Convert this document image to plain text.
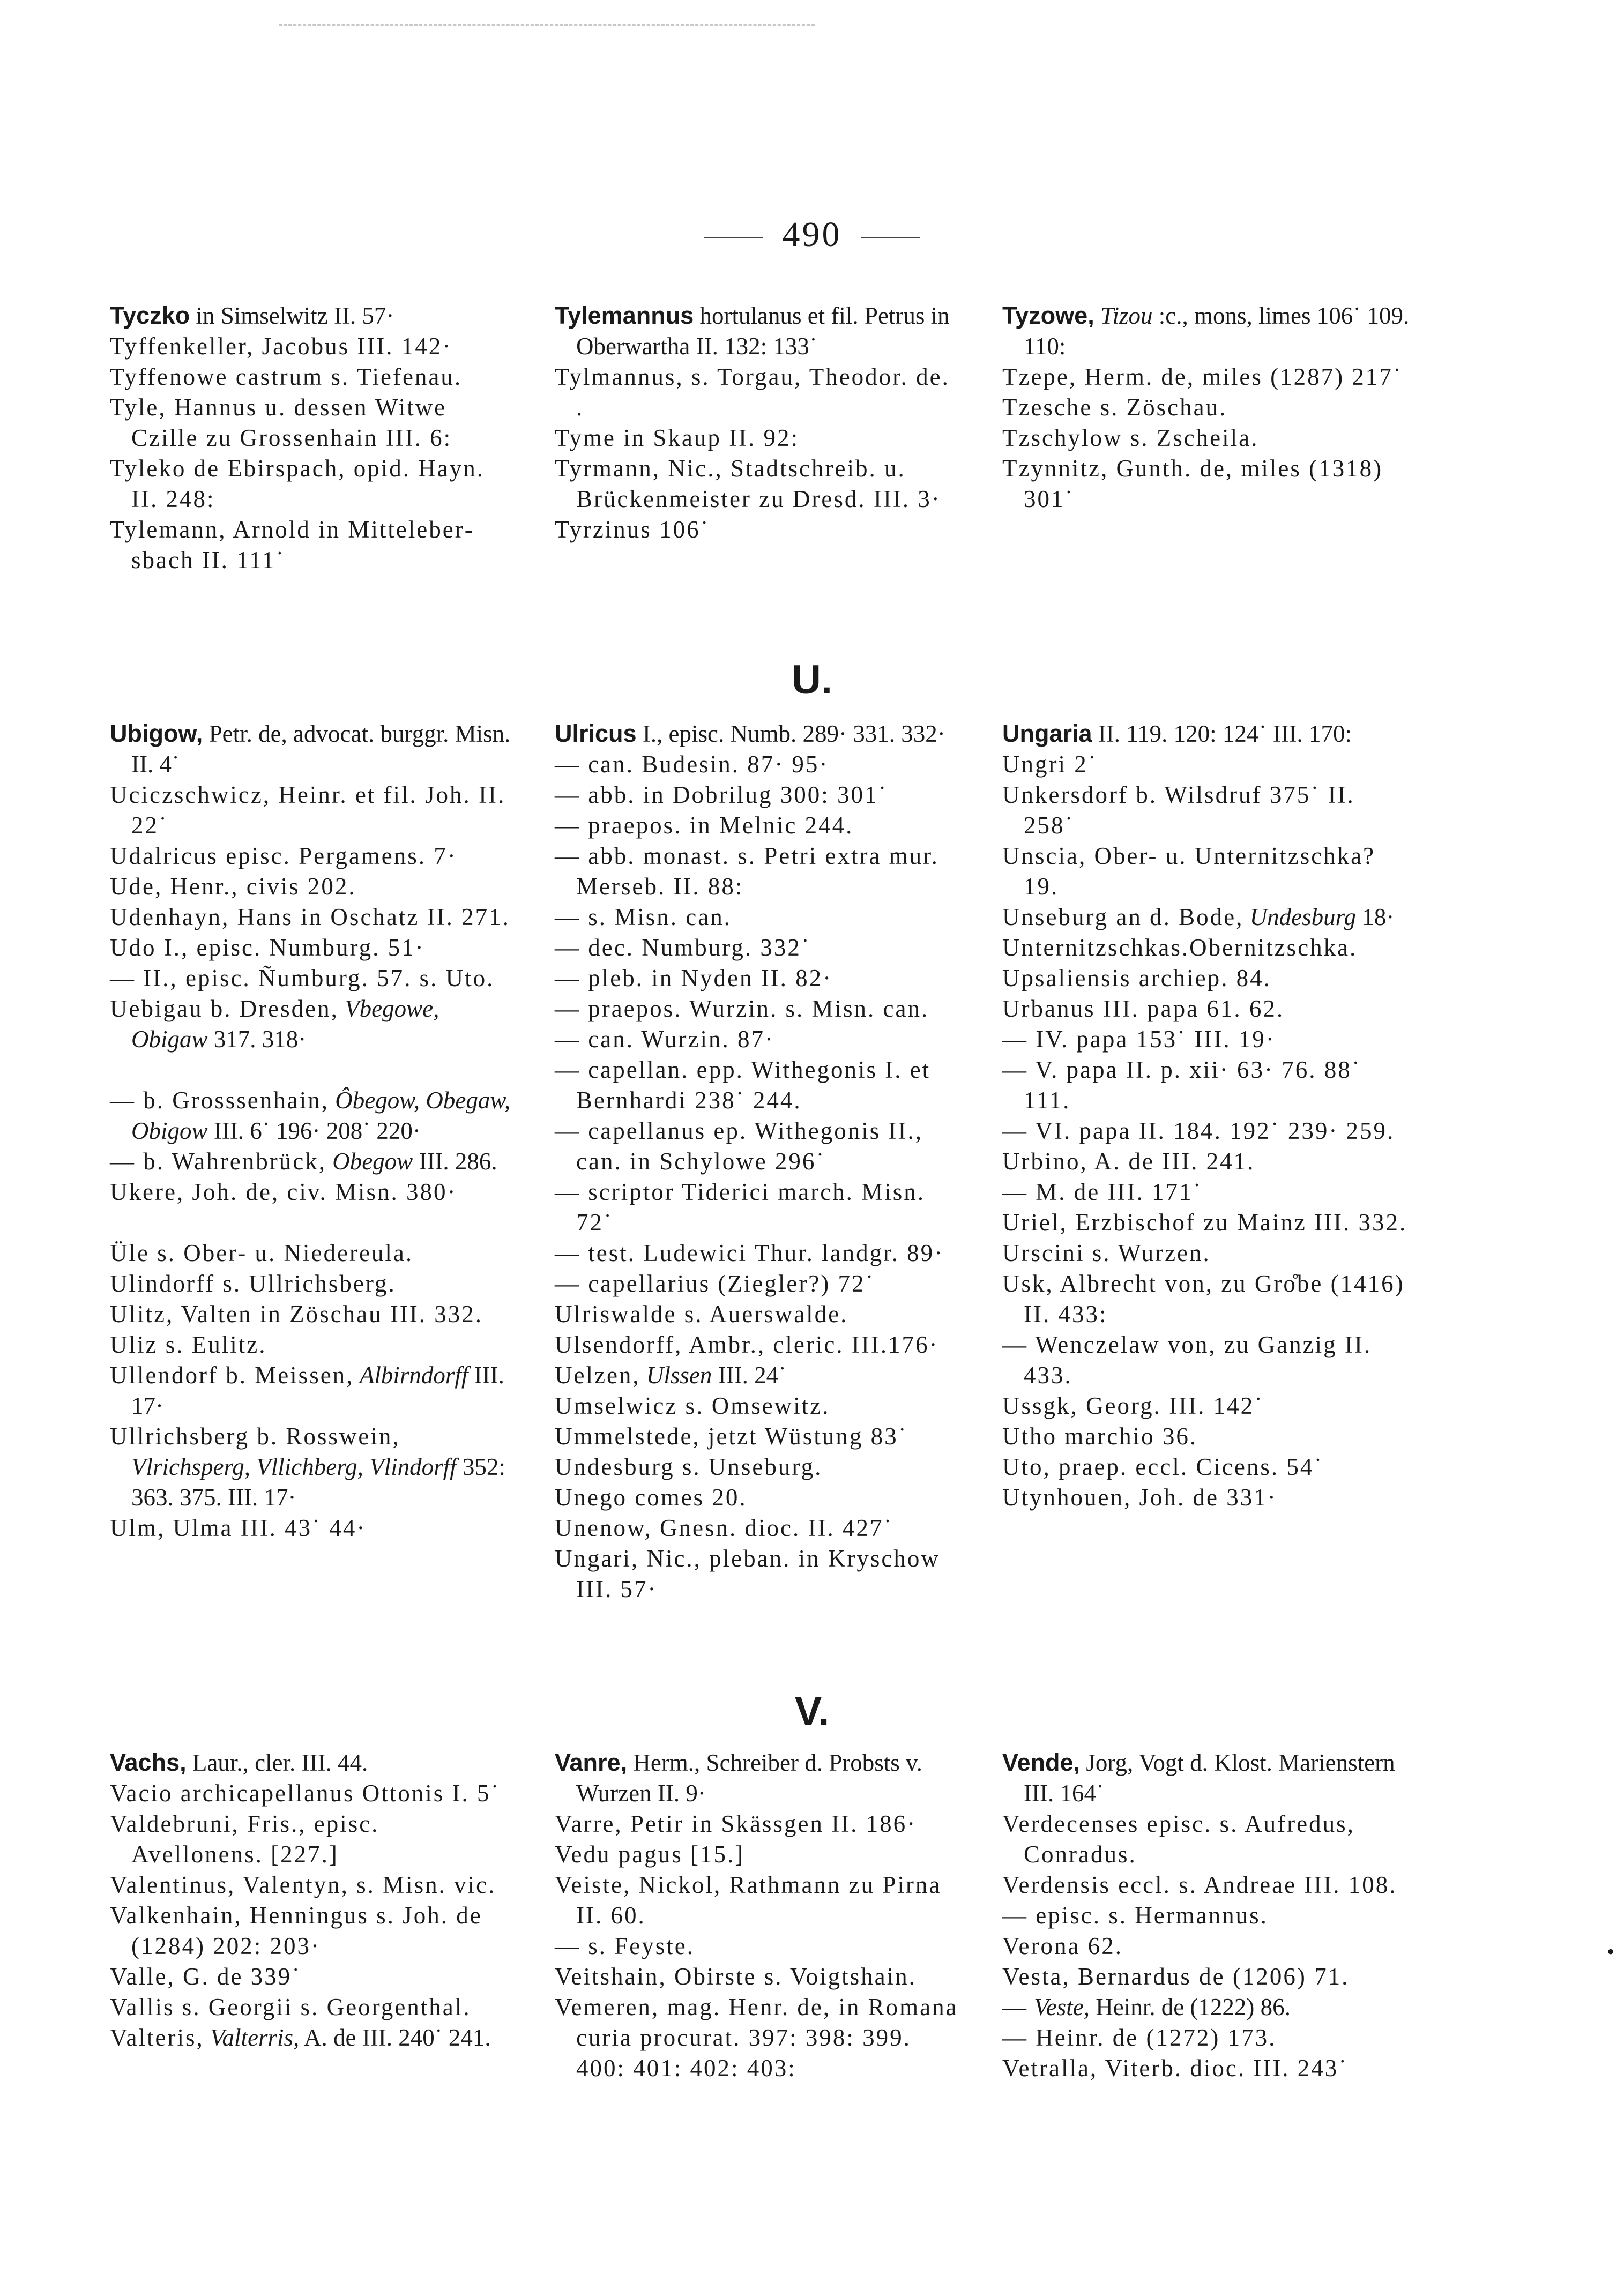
490

Tyczko in Simselwitz II. 57·

Tyffenkeller, Jacobus III. 142·

Tyffenowe castrum s. Tiefenau.

Tyle, Hannus u. dessen Witwe Czille zu Grossenhain III. 6:

Tyleko de Ebirspach, opid. Hayn. II. 248:

Tylemann, Arnold in Mittelebersbach II. 111˙

Tylemannus hortulanus et fil. Petrus in Oberwartha II. 132: 133˙

Tylmannus, s. Torgau, Theodor. de. .

Tyme in Skaup II. 92:

Tyrmann, Nic., Stadtschreib. u. Brückenmeister zu Dresd. III. 3·

Tyrzinus 106˙

Tyzowe, Tizou :c., mons, limes 106˙ 109. 110:

Tzepe, Herm. de, miles (1287) 217˙

Tzesche s. Zöschau.

Tzschylow s. Zscheila.

Tzynnitz, Gunth. de, miles (1318) 301˙

U.

Ubigow, Petr. de, advocat. burggr. Misn. II. 4˙

Uciczschwicz, Heinr. et fil. Joh. II. 22˙

Udalricus episc. Pergamens. 7·

Ude, Henr., civis 202.

Udenhayn, Hans in Oschatz II. 271.

Udo I., episc. Numburg. 51·

— II., episc. Ñumburg. 57. s. Uto.

Uebigau b. Dresden, Vbegowe, Obigaw 317. 318·

— b. Grosssenhain, Ôbegow, Obegaw, Obigow III. 6˙ 196· 208˙ 220·

— b. Wahrenbrück, Obegow III. 286.

Ukere, Joh. de, civ. Misn. 380·

Üle s. Ober- u. Niedereula.

Ulindorff s. Ullrichsberg.

Ulitz, Valten in Zöschau III. 332.

Uliz s. Eulitz.

Ullendorf b. Meissen, Albirndorff III. 17·

Ullrichsberg b. Rosswein, Vlrichsperg, Vllichberg, Vlindorff 352: 363. 375. III. 17·

Ulm, Ulma III. 43˙ 44·

Ulricus I., episc. Numb. 289· 331. 332·

— can. Budesin. 87· 95·

— abb. in Dobrilug 300: 301˙

— praepos. in Melnic 244.

— abb. monast. s. Petri extra mur. Merseb. II. 88:

— s. Misn. can.

— dec. Numburg. 332˙

— pleb. in Nyden II. 82·

— praepos. Wurzin. s. Misn. can.

— can. Wurzin. 87·

— capellan. epp. Withegonis I. et Bernhardi 238˙ 244.

— capellanus ep. Withegonis II., can. in Schylowe 296˙

— scriptor Tiderici march. Misn. 72˙

— test. Ludewici Thur. landgr. 89·

— capellarius (Ziegler?) 72˙

Ulriswalde s. Auerswalde.

Ulsendorff, Ambr., cleric. III.176·

Uelzen, Ulssen III. 24˙

Umselwicz s. Omsewitz.

Ummelstede, jetzt Wüstung 83˙

Undesburg s. Unseburg.

Unego comes 20.

Unenow, Gnesn. dioc. II. 427˙

Ungari, Nic., pleban. in Kryschow III. 57·

Ungaria II. 119. 120: 124˙ III. 170:

Ungri 2˙

Unkersdorf b. Wilsdruf 375˙ II. 258˙

Unscia, Ober- u. Unternitzschka? 19.

Unseburg an d. Bode, Undesburg 18·

Unternitzschkas.Obernitzschka.

Upsaliensis archiep. 84.

Urbanus III. papa 61. 62.

— IV. papa 153˙ III. 19·

— V. papa II. p. xii· 63· 76. 88˙ 111.

— VI. papa II. 184. 192˙ 239· 259.

Urbino, A. de III. 241.

— M. de III. 171˙

Uriel, Erzbischof zu Mainz III. 332.

Urscini s. Wurzen.

Usk, Albrecht von, zu Gro̊be (1416) II. 433:

— Wenczelaw von, zu Ganzig II. 433.

Ussgk, Georg. III. 142˙

Utho marchio 36.

Uto, praep. eccl. Cicens. 54˙

Utynhouen, Joh. de 331·

V.

Vachs, Laur., cler. III. 44.

Vacio archicapellanus Ottonis I. 5˙

Valdebruni, Fris., episc. Avellonens. [227.]

Valentinus, Valentyn, s. Misn. vic.

Valkenhain, Henningus s. Joh. de (1284) 202: 203·

Valle, G. de 339˙

Vallis s. Georgii s. Georgenthal.

Valteris, Valterris, A. de III. 240˙ 241.

Vanre, Herm., Schreiber d. Probsts v. Wurzen II. 9·

Varre, Petir in Skässgen II. 186·

Vedu pagus [15.]

Veiste, Nickol, Rathmann zu Pirna II. 60.

— s. Feyste.

Veitshain, Obirste s. Voigtshain.

Vemeren, mag. Henr. de, in Romana curia procurat. 397: 398: 399. 400: 401: 402: 403:

Vende, Jorg, Vogt d. Klost. Marienstern III. 164˙

Verdecenses episc. s. Aufredus, Conradus.

Verdensis eccl. s. Andreae III. 108.

— episc. s. Hermannus.

Verona 62.

Vesta, Bernardus de (1206) 71.

— Veste, Heinr. de (1222) 86.

— Heinr. de (1272) 173.

Vetralla, Viterb. dioc. III. 243˙

•
